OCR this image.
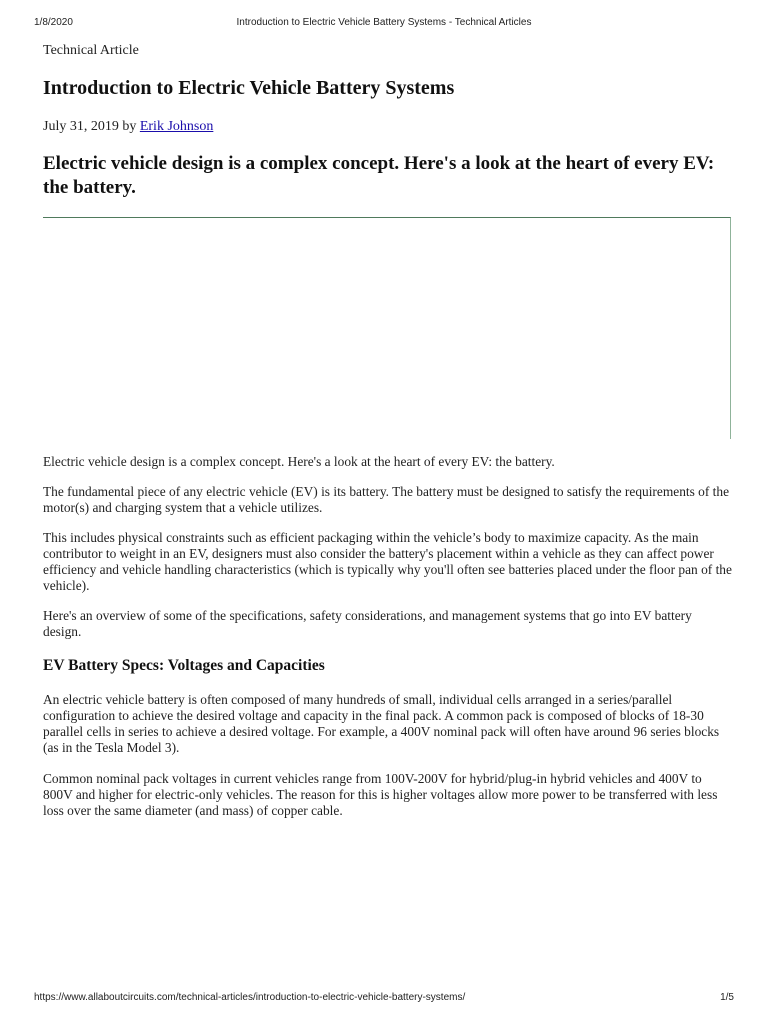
1/8/2020	Introduction to Electric Vehicle Battery Systems - Technical Articles
Technical Article
Introduction to Electric Vehicle Battery Systems
July 31, 2019 by Erik Johnson

Electric vehicle design is a complex concept. Here's a look at the heart of every EV: the battery.

Electric vehicle design is a complex concept. Here's a look at the heart of every EV: the battery.

The fundamental piece of any electric vehicle (EV) is its battery. The battery must be designed to satisfy the requirements of the motor(s) and charging system that a vehicle utilizes.

This includes physical constraints such as efficient packaging within the vehicle’s body to maximize capacity. As the main contributor to weight in an EV, designers must also consider the battery's placement within a vehicle as they can affect power efficiency and vehicle handling characteristics (which is typically why you'll often see batteries placed under the floor pan of the vehicle).

Here's an overview of some of the specifications, safety considerations, and management systems that go into EV battery design.

EV Battery Specs: Voltages and Capacities

An electric vehicle battery is often composed of many hundreds of small, individual cells arranged in a series/parallel configuration to achieve the desired voltage and capacity in the final pack. A common pack is composed of blocks of 18-30 parallel cells in series to achieve a desired voltage. For example, a 400V nominal pack will often have around 96 series blocks (as in the Tesla Model 3).

Common nominal pack voltages in current vehicles range from 100V-200V for hybrid/plug-in hybrid vehicles and 400V to 800V and higher for electric-only vehicles. The reason for this is higher voltages allow more power to be transferred with less loss over the same diameter (and mass) of copper cable.

https://www.allaboutcircuits.com/technical-articles/introduction-to-electric-vehicle-battery-systems/	1/5
